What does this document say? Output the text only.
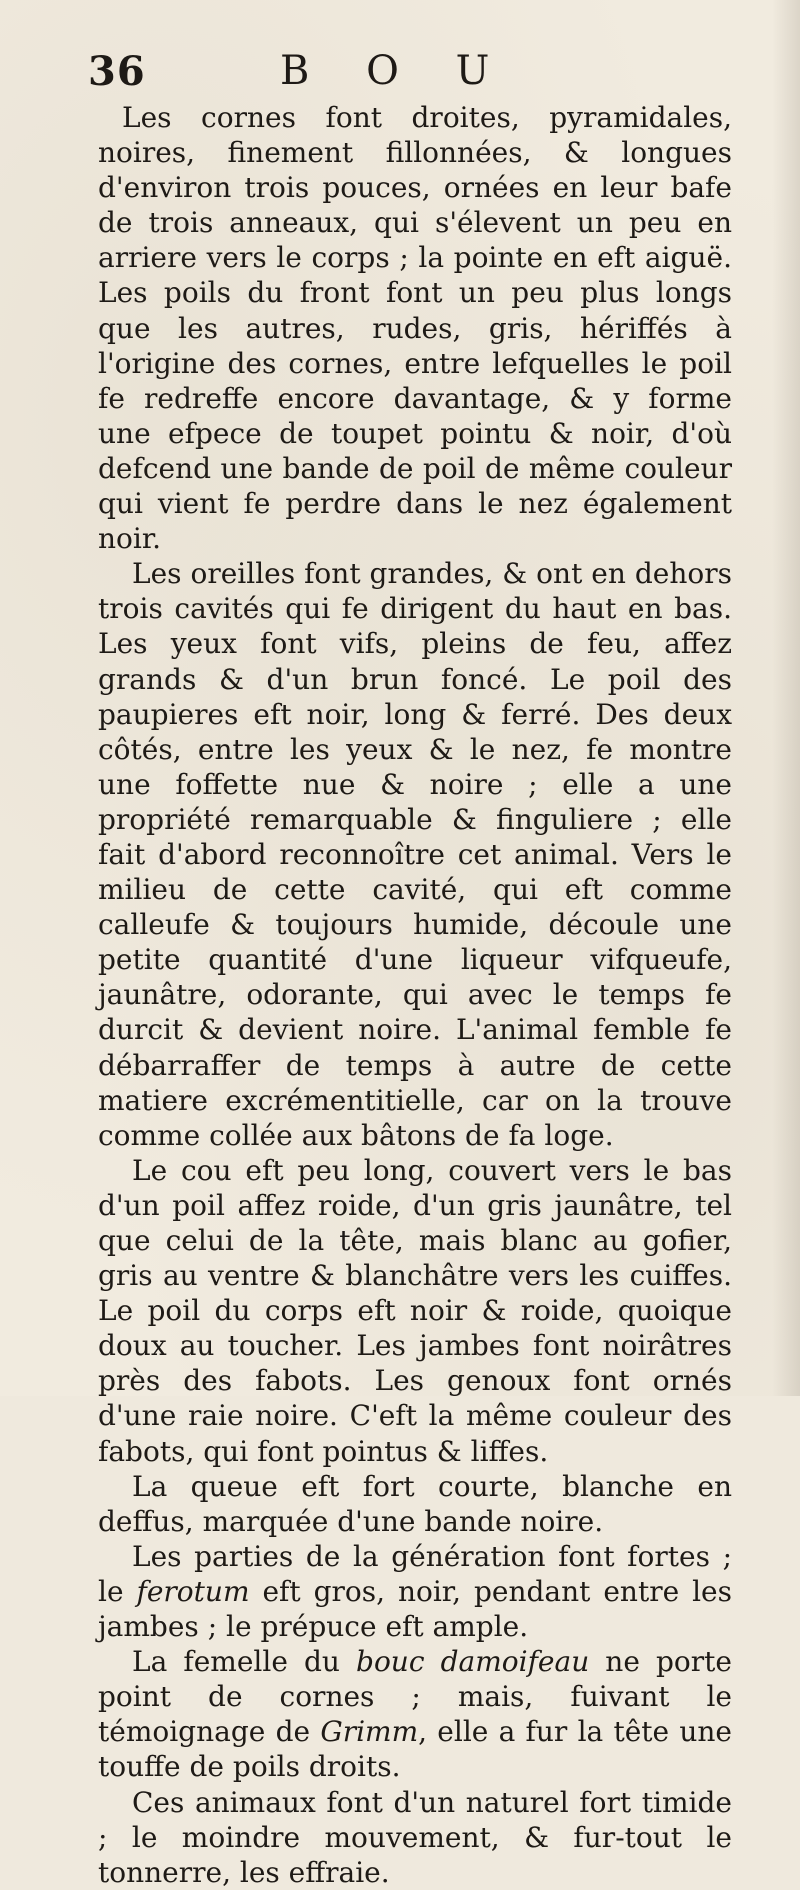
36	B O U

Les cornes font droites, pyramidales, noires, finement fillonnées, & longues d'environ trois pouces, ornées en leur bafe de trois anneaux, qui s'élevent un peu en arriere vers le corps ; la pointe en eft aiguë. Les poils du front font un peu plus longs que les autres, rudes, gris, hériffés à l'origine des cornes, entre lefquelles le poil fe redreffe encore davantage, & y forme une efpece de toupet pointu & noir, d'où defcend une bande de poil de même couleur qui vient fe perdre dans le nez également noir.

Les oreilles font grandes, & ont en dehors trois cavités qui fe dirigent du haut en bas. Les yeux font vifs, pleins de feu, affez grands & d'un brun foncé. Le poil des paupieres eft noir, long & ferré. Des deux côtés, entre les yeux & le nez, fe montre une foffette nue & noire ; elle a une propriété remarquable & finguliere ; elle fait d'abord reconnoître cet animal. Vers le milieu de cette cavité, qui eft comme calleufe & toujours humide, découle une petite quantité d'une liqueur vifqueufe, jaunâtre, odorante, qui avec le temps fe durcit & devient noire. L'animal femble fe débarraffer de temps à autre de cette matiere excrémentitielle, car on la trouve comme collée aux bâtons de fa loge.

Le cou eft peu long, couvert vers le bas d'un poil affez roide, d'un gris jaunâtre, tel que celui de la tête, mais blanc au gofier, gris au ventre & blanchâtre vers les cuiffes. Le poil du corps eft noir & roide, quoique doux au toucher. Les jambes font noirâtres près des fabots. Les genoux font ornés d'une raie noire. C'eft la même couleur des fabots, qui font pointus & liffes.

La queue eft fort courte, blanche en deffus, marquée d'une bande noire.

Les parties de la génération font fortes ; le ferotum eft gros, noir, pendant entre les jambes ; le prépuce eft ample.

La femelle du bouc damoifeau ne porte point de cornes ; mais, fuivant le témoignage de Grimm, elle a fur la tête une touffe de poils droits.

Ces animaux font d'un naturel fort timide ; le moindre mouvement, & fur-tout le tonnerre, les effraie.
